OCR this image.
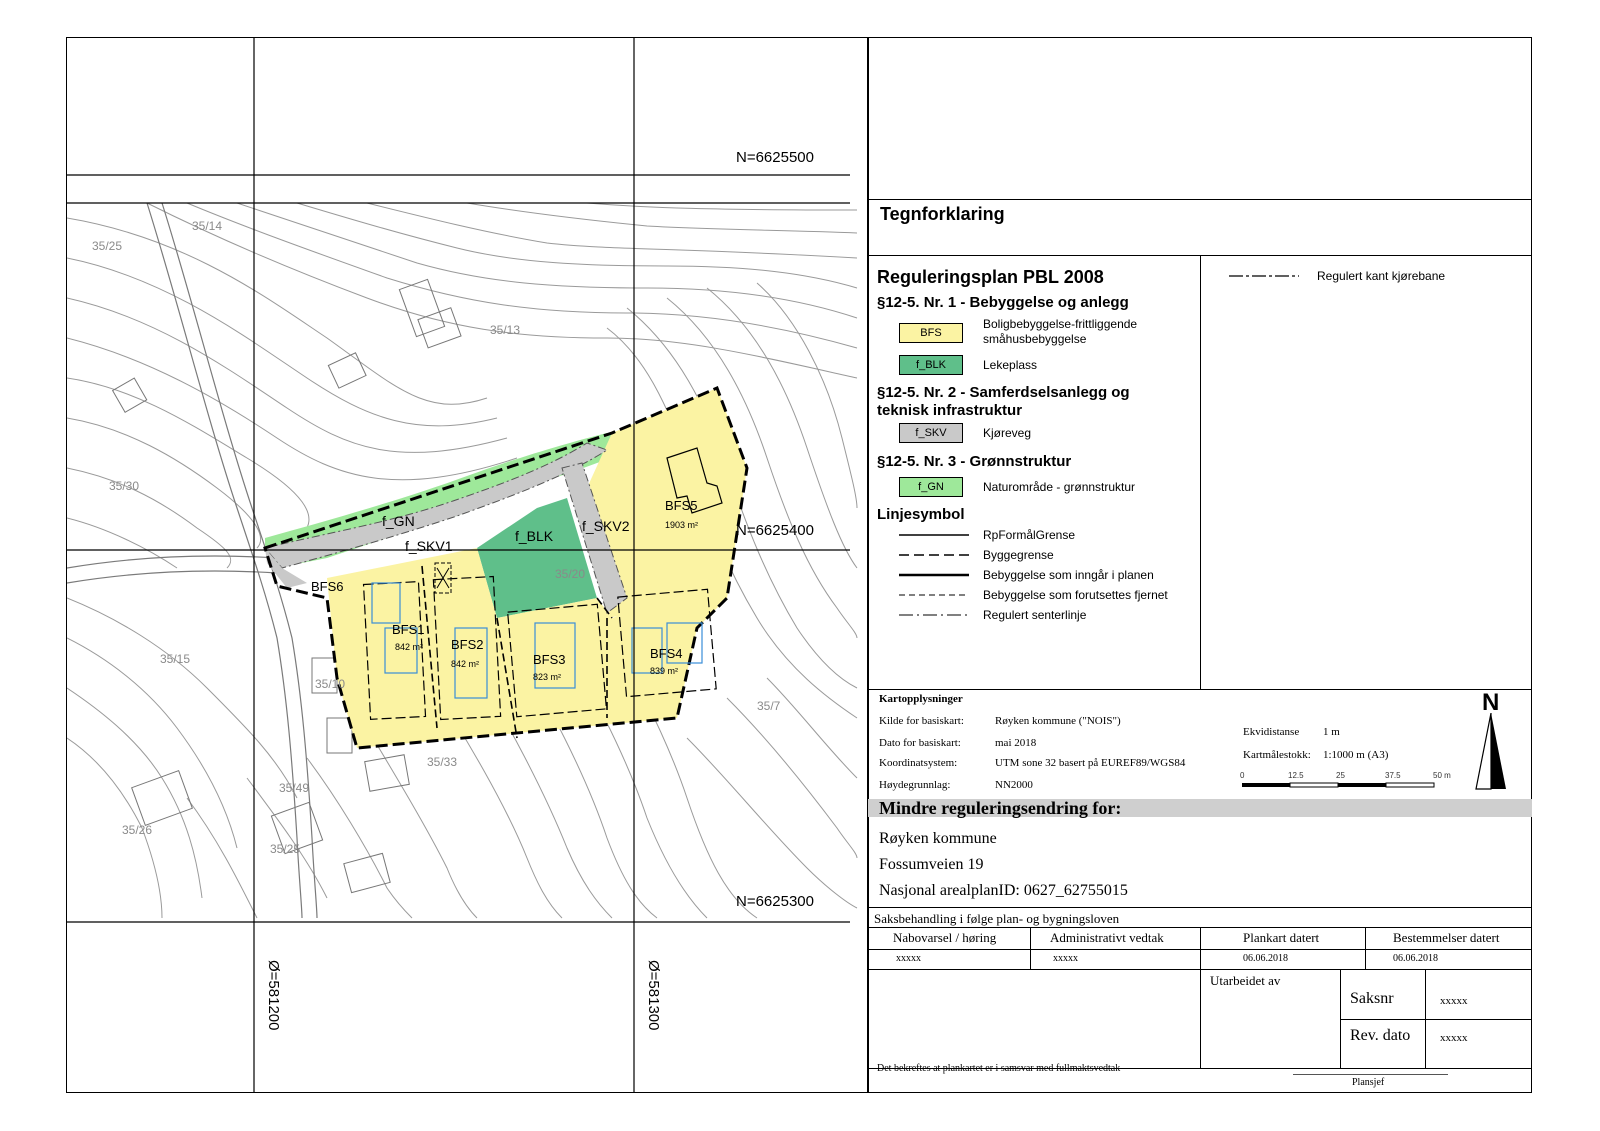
35/25
35/14
35/13
35/30
35/15
35/10
35/20
35/33
35/49
35/26
35/25
35/7
f_GN
f_SKV1
f_BLK
f_SKV2
BFS5
1903 m²
BFS6
BFS1
842 m² BFS2
842 m²	BFS3
823 m²
BFS4
839 m²
N=6625500
N=6625400
N=6625300
Ø=581200	Ø=581300
Tegnforklaring
Reguleringsplan PBL 2008
§12-5. Nr. 1 - Bebyggelse og anlegg
BFS
Boligbebyggelse-frittliggende småhusbebyggelse
f_BLK	Lekeplass
§12-5. Nr. 2 - Samferdselsanlegg og teknisk infrastruktur
f_SKV	Kjøreveg
§12-5. Nr. 3 - Grønnstruktur
f_GN	Naturområde - grønnstruktur
Linjesymbol
RpFormålGrense
Byggegrense
Bebyggelse som inngår i planen
Bebyggelse som forutsettes fjernet
Regulert senterlinje
Regulert kant kjørebane
Kartopplysninger
Kilde for basiskart:	Røyken kommune ("NOIS")
Dato for basiskart:	mai 2018
Koordinatsystem:	UTM sone 32 basert på EUREF89/WGS84
Høydegrunnlag:	NN2000
Ekvidistanse 1 m
Kartmålestokk: 1:1000 m (A3)
0	12.5	25	37.5	50 m
N
Mindre reguleringsendring for:
Røyken kommune
Fossumveien 19
Nasjonal arealplanID: 0627_62755015
Saksbehandling i følge plan- og bygningsloven
Nabovarsel / høring	Administrativt vedtak	Plankart datert	Bestemmelser datert
xxxxx	xxxxx	06.06.2018	06.06.2018
Utarbeidet av
Saksnr	xxxxx
Rev. dato	xxxxx
Det bekreftes at plankartet er i samsvar med fullmaktsvedtak
Plansjef
